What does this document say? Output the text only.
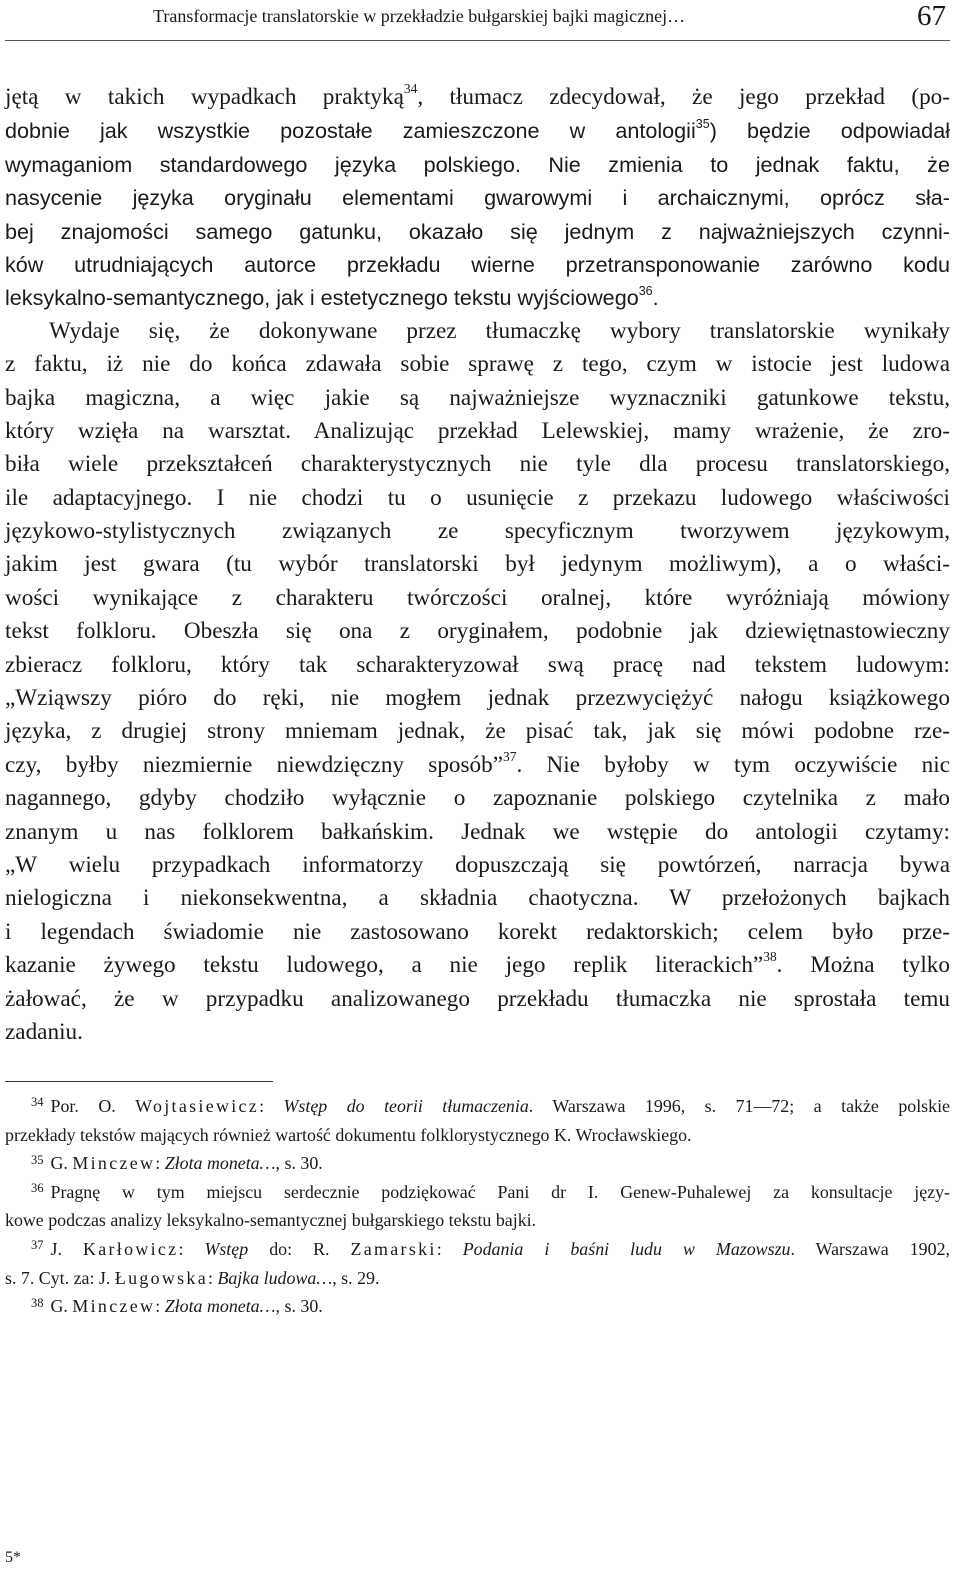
Transformacje translatorskie w przekładzie bułgarskiej bajki magicznej…	67
jętą w takich wypadkach praktyką$^{34}$, tłumacz zdecydował, że jego przekład (po-
dobnie jak wszystkie pozostałe zamieszczone w antologii$^{35}$) będzie odpowiadał
wymaganiom standardowego języka polskiego. Nie zmienia to jednak faktu, że
nasycenie języka oryginału elementami gwarowymi i archaicznymi, oprócz sła-
bej znajomości samego gatunku, okazało się jednym z najważniejszych czynni-
ków utrudniających autorce przekładu wierne przetransponowanie zarówno kodu
leksykalno-semantycznego, jak i estetycznego tekstu wyjściowego$^{36}$.
Wydaje się, że dokonywane przez tłumaczkę wybory translatorskie wynikały
z faktu, iż nie do końca zdawała sobie sprawę z tego, czym w istocie jest ludowa
bajka magiczna, a więc jakie są najważniejsze wyznaczniki gatunkowe tekstu,
który wzięła na warsztat. Analizując przekład Lelewskiej, mamy wrażenie, że zro-
biła wiele przekształceń charakterystycznych nie tyle dla procesu translatorskiego,
ile adaptacyjnego. I nie chodzi tu o usunięcie z przekazu ludowego właściwości
językowo-stylistycznych związanych ze specyficznym tworzywem językowym,
jakim jest gwara (tu wybór translatorski był jedynym możliwym), a o właści-
wości wynikające z charakteru twórczości oralnej, które wyróżniają mówiony
tekst folkloru. Obeszła się ona z oryginałem, podobnie jak dziewiętnastowieczny
zbieracz folkloru, który tak scharakteryzował swą pracę nad tekstem ludowym:
„Wziąwszy pióro do ręki, nie mogłem jednak przezwyciężyć nałogu książkowego
języka, z drugiej strony mniemam jednak, że pisać tak, jak się mówi podobne rze-
czy, byłby niezmiernie niewdzięczny sposób”$^{37}$. Nie byłoby w tym oczywiście nic
nagannego, gdyby chodziło wyłącznie o zapoznanie polskiego czytelnika z mało
znanym u nas folklorem bałkańskim. Jednak we wstępie do antologii czytamy:
„W wielu przypadkach informatorzy dopuszczają się powtórzeń, narracja bywa
nielogiczna i niekonsekwentna, a składnia chaotyczna. W przełożonych bajkach
i legendach świadomie nie zastosowano korekt redaktorskich; celem było prze-
kazanie żywego tekstu ludowego, a nie jego replik literackich”$^{38}$. Można tylko
żałować, że w przypadku analizowanego przekładu tłumaczka nie sprostała temu
zadaniu.
$^{34}$ Por. O. Wojtasiewicz: Wstęp do teorii tłumaczenia. Warszawa 1996, s. 71—72; a także polskie
przekłady tekstów mających również wartość dokumentu folklorystycznego K. Wrocławskiego.
$^{35}$ G. Minczew: Złota moneta…, s. 30.
$^{36}$ Pragnę w tym miejscu serdecznie podziękować Pani dr I. Genew-Puhalewej za konsultacje języ-
kowe podczas analizy leksykalno-semantycznej bułgarskiego tekstu bajki.
$^{37}$ J. Karłowicz: Wstęp do: R. Zamarski: Podania i baśni ludu w Mazowszu. Warszawa 1902,
s. 7. Cyt. za: J. Ługowska: Bajka ludowa…, s. 29.
$^{38}$ G. Minczew: Złota moneta…, s. 30.
5*
